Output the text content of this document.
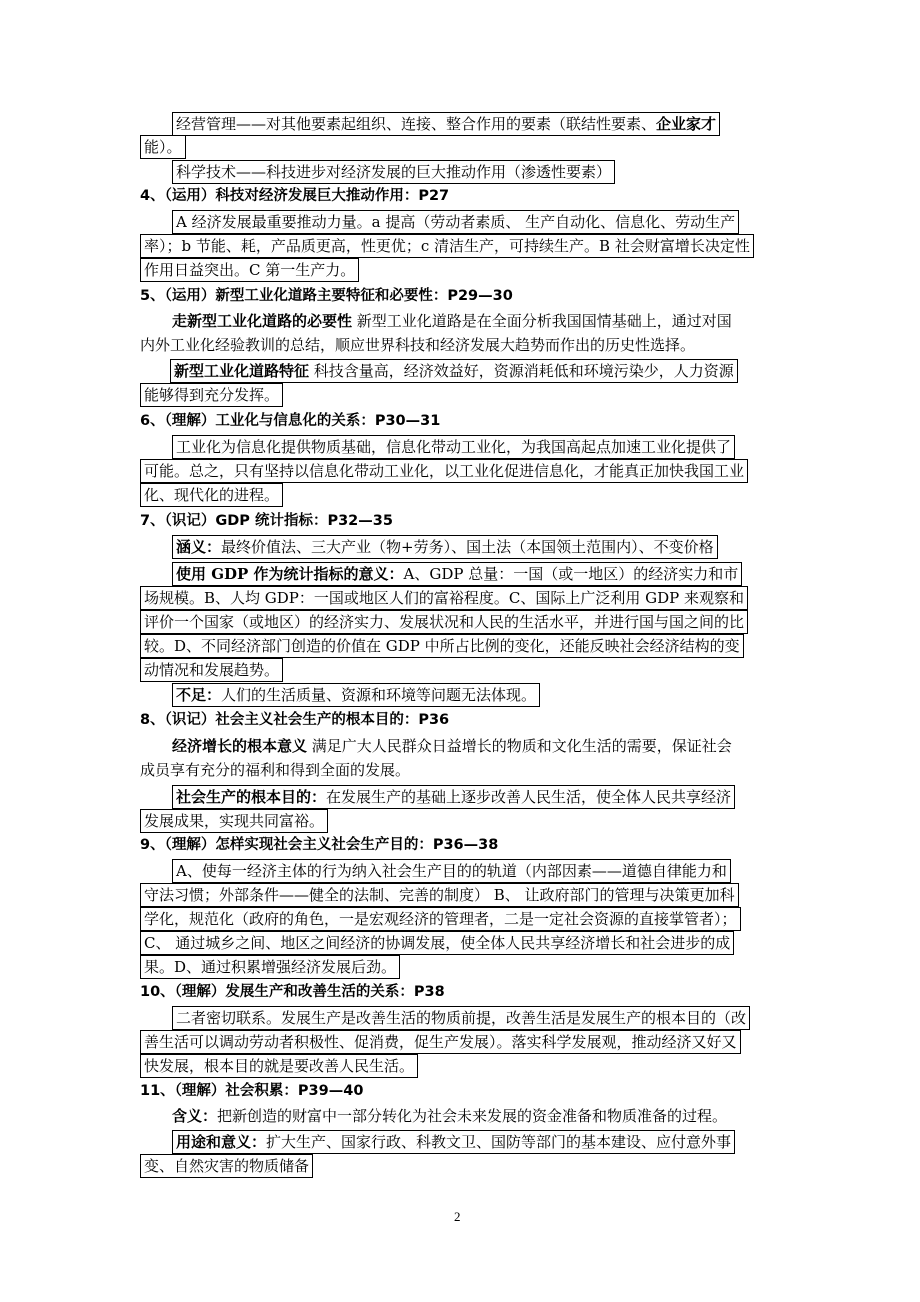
经营管理——对其他要素起组织、连接、整合作用的要素（联结性要素、企业家才
能）。
科学技术——科技进步对经济发展的巨大推动作用（渗透性要素）
4、（运用）科技对经济发展巨大推动作用：P27
A 经济发展最重要推动力量。a 提高（劳动者素质、 生产自动化、信息化、劳动生产
率）；b 节能、耗，产品质更高，性更优；c 清洁生产，可持续生产。B 社会财富增长决定性
作用日益突出。C 第一生产力。
5、（运用）新型工业化道路主要特征和必要性：P29—30
走新型工业化道路的必要性 新型工业化道路是在全面分析我国国情基础上，通过对国
内外工业化经验教训的总结，顺应世界科技和经济发展大趋势而作出的历史性选择。
新型工业化道路特征 科技含量高，经济效益好，资源消耗低和环境污染少，人力资源
能够得到充分发挥。
6、（理解）工业化与信息化的关系：P30—31
工业化为信息化提供物质基础，信息化带动工业化，为我国高起点加速工业化提供了
可能。总之，只有坚持以信息化带动工业化，以工业化促进信息化，才能真正加快我国工业
化、现代化的进程。
7、（识记）GDP 统计指标：P32—35
涵义：最终价值法、三大产业（物+劳务）、国土法（本国领土范围内）、不变价格
使用 GDP 作为统计指标的意义：A、GDP 总量：一国（或一地区）的经济实力和市
场规模。B、人均 GDP：一国或地区人们的富裕程度。C、国际上广泛利用 GDP 来观察和
评价一个国家（或地区）的经济实力、发展状况和人民的生活水平，并进行国与国之间的比
较。D、不同经济部门创造的价值在 GDP 中所占比例的变化，还能反映社会经济结构的变
动情况和发展趋势。
不足：人们的生活质量、资源和环境等问题无法体现。
8、（识记）社会主义社会生产的根本目的：P36
经济增长的根本意义 满足广大人民群众日益增长的物质和文化生活的需要，保证社会
成员享有充分的福利和得到全面的发展。
社会生产的根本目的：在发展生产的基础上逐步改善人民生活，使全体人民共享经济
发展成果，实现共同富裕。
9、（理解）怎样实现社会主义社会生产目的：P36—38
A、使每一经济主体的行为纳入社会生产目的的轨道（内部因素——道德自律能力和
守法习惯；外部条件——健全的法制、完善的制度） B、 让政府部门的管理与决策更加科
学化，规范化（政府的角色，一是宏观经济的管理者，二是一定社会资源的直接掌管者）；
C、 通过城乡之间、地区之间经济的协调发展，使全体人民共享经济增长和社会进步的成
果。D、通过积累增强经济发展后劲。
10、（理解）发展生产和改善生活的关系：P38
二者密切联系。发展生产是改善生活的物质前提，改善生活是发展生产的根本目的（改
善生活可以调动劳动者积极性、促消费，促生产发展）。落实科学发展观，推动经济又好又
快发展，根本目的就是要改善人民生活。
11、（理解）社会积累：P39—40
含义：把新创造的财富中一部分转化为社会未来发展的资金准备和物质准备的过程。
用途和意义：扩大生产、国家行政、科教文卫、国防等部门的基本建设、应付意外事
变、自然灾害的物质储备
2
